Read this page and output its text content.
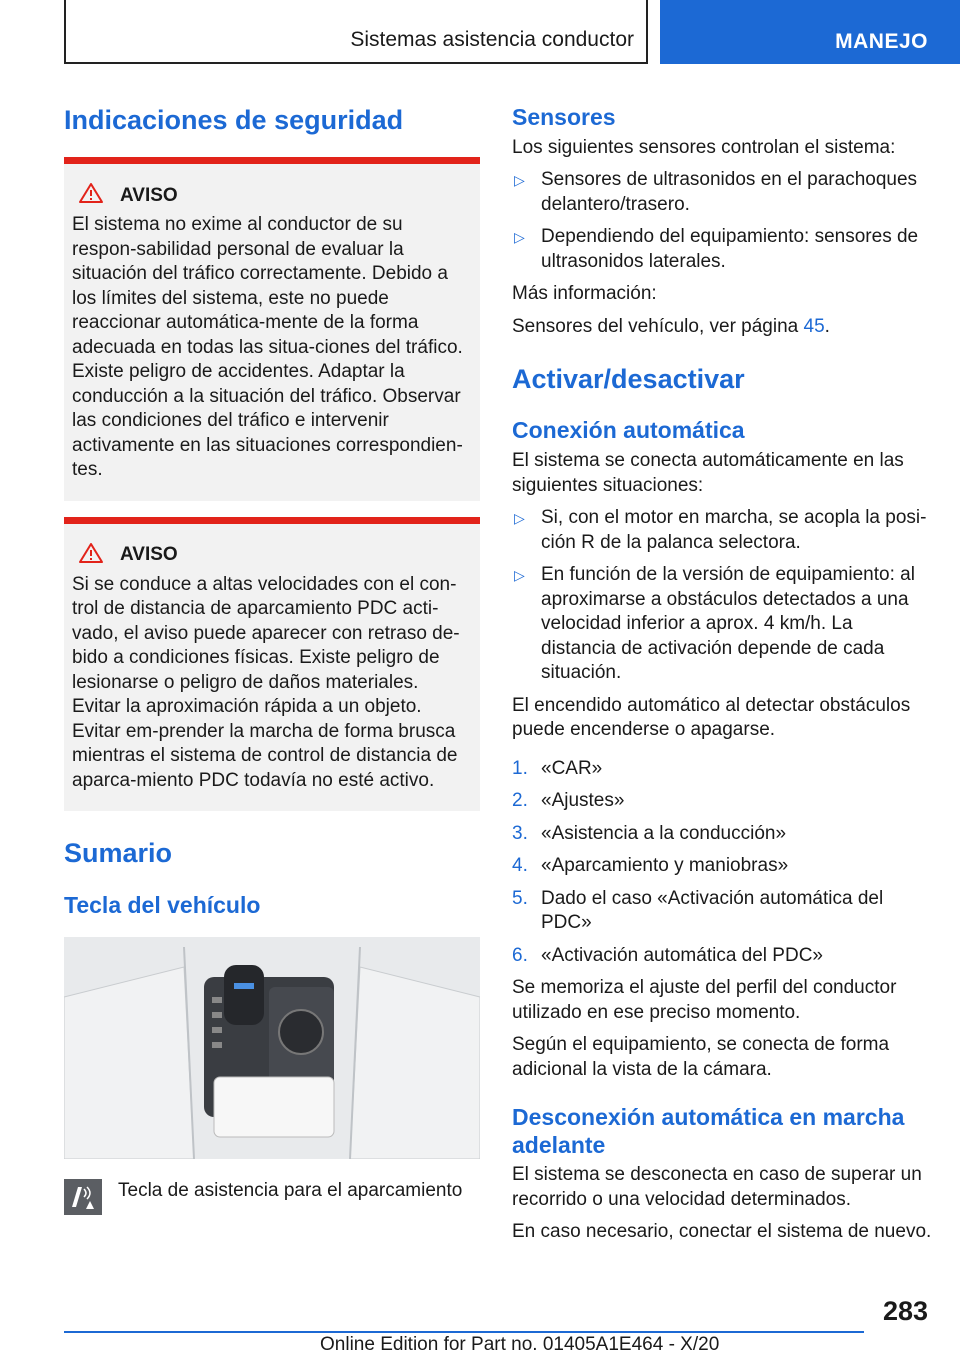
Sistemas asistencia conductor	MANEJO
Indicaciones de seguridad
AVISO
El sistema no exime al conductor de su respon-sabilidad personal de evaluar la situación del tráfico correctamente. Debido a los límites del sistema, este no puede reaccionar automática-mente de la forma adecuada en todas las situa-ciones del tráfico. Existe peligro de accidentes. Adaptar la conducción a la situación del tráfico. Observar las condiciones del tráfico e intervenir activamente en las situaciones correspondien-tes.
AVISO
Si se conduce a altas velocidades con el con-trol de distancia de aparcamiento PDC acti-vado, el aviso puede aparecer con retraso de-bido a condiciones físicas. Existe peligro de lesionarse o peligro de daños materiales. Evitar la aproximación rápida a un objeto. Evitar em-prender la marcha de forma brusca mientras el sistema de control de distancia de aparca-miento PDC todavía no esté activo.
Sumario
Tecla del vehículo
Tecla de asistencia para el aparcamiento
Sensores

Los siguientes sensores controlan el sistema:

▷ Sensores de ultrasonidos en el parachoques delantero/trasero.
▷ Dependiendo del equipamiento: sensores de ultrasonidos laterales.

Más información:

Sensores del vehículo, ver página 45.

Activar/desactivar
Conexión automática

El sistema se conecta automáticamente en las siguientes situaciones:

▷ Si, con el motor en marcha, se acopla la posi-ción R de la palanca selectora.
▷ En función de la versión de equipamiento: al aproximarse a obstáculos detectados a una velocidad inferior a aprox. 4 km/h. La distancia de activación depende de cada situación.

El encendido automático al detectar obstáculos puede encenderse o apagarse.

1. «CAR»
2. «Ajustes»
3. «Asistencia a la conducción»
4. «Aparcamiento y maniobras»
5. Dado el caso «Activación automática del PDC»
6. «Activación automática del PDC»

Se memoriza el ajuste del perfil del conductor utilizado en ese preciso momento.

Según el equipamiento, se conecta de forma adicional la vista de la cámara.

Desconexión automática en marcha adelante

El sistema se desconecta en caso de superar un recorrido o una velocidad determinados.

En caso necesario, conectar el sistema de nuevo.

283
Online Edition for Part no. 01405A1E464 - X/20
